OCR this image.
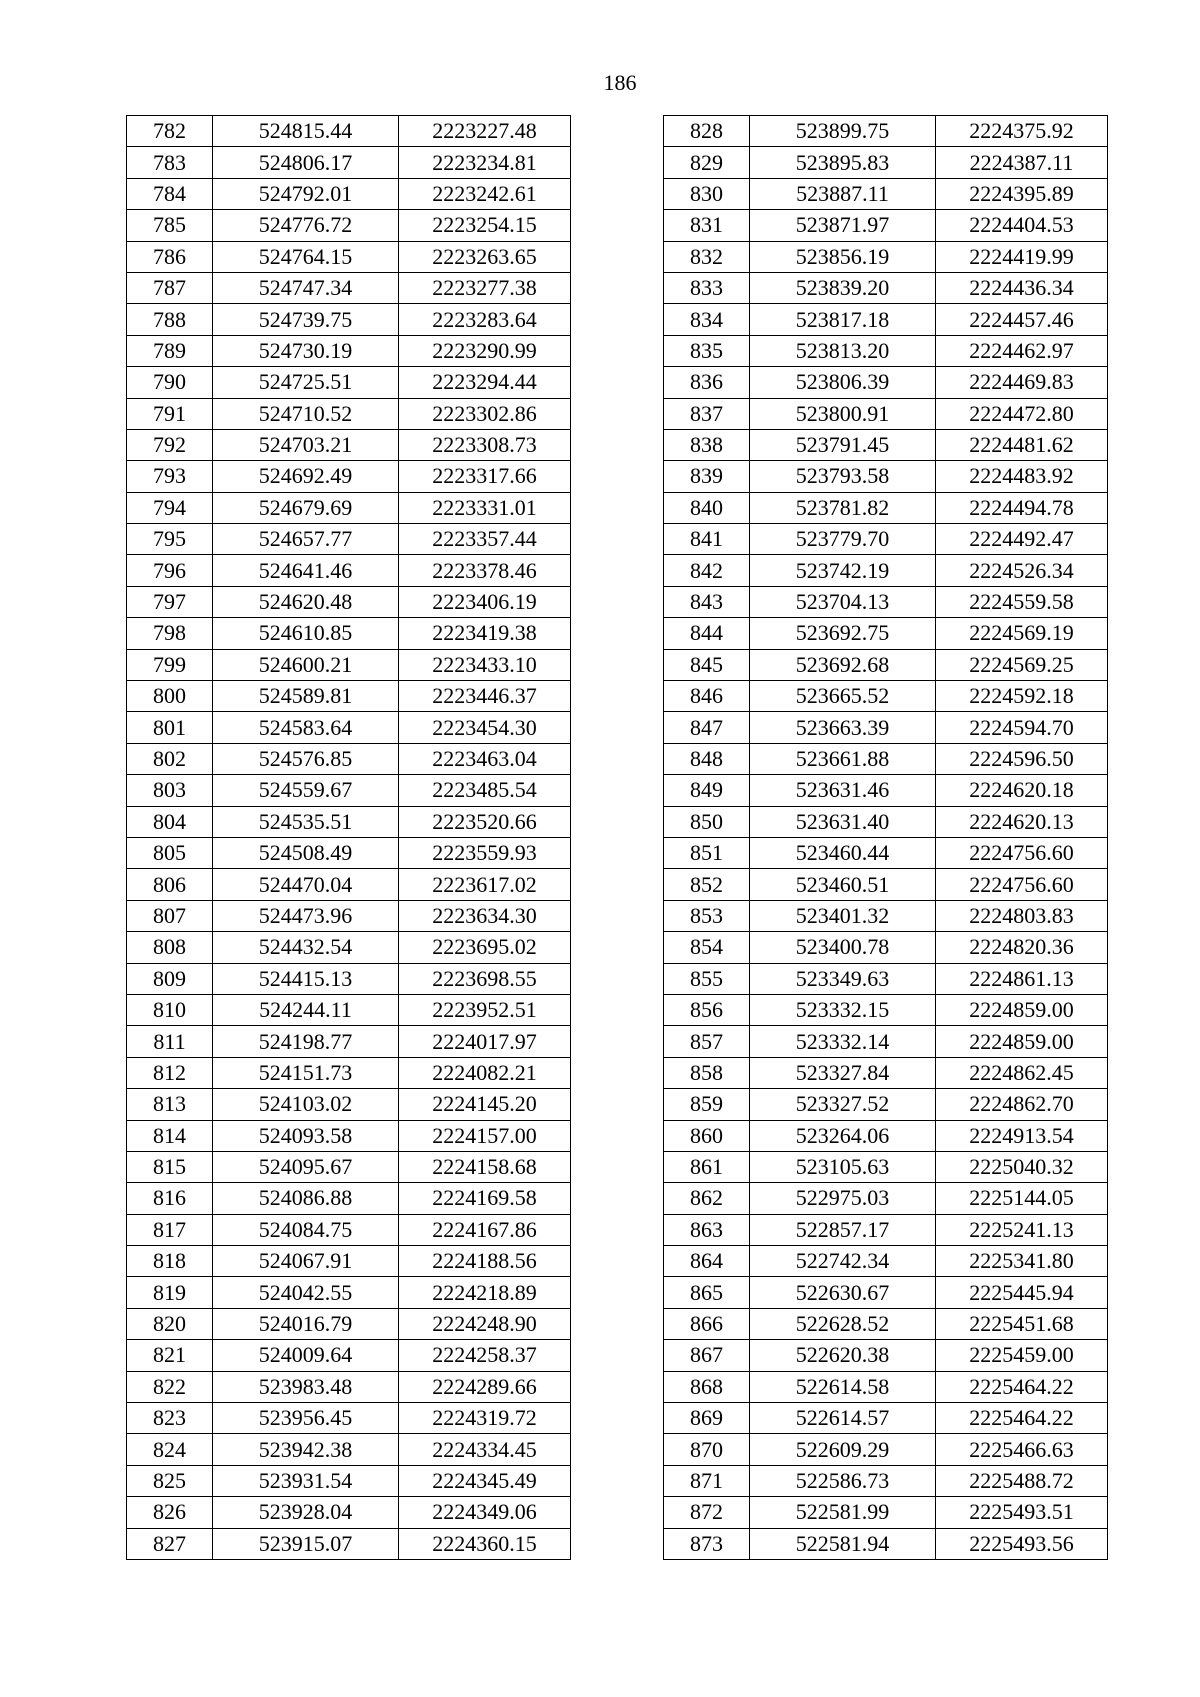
186
782	524815.44	2223227.48
783	524806.17	2223234.81
784	524792.01	2223242.61
785	524776.72	2223254.15
786	524764.15	2223263.65
787	524747.34	2223277.38
788	524739.75	2223283.64
789	524730.19	2223290.99
790	524725.51	2223294.44
791	524710.52	2223302.86
792	524703.21	2223308.73
793	524692.49	2223317.66
794	524679.69	2223331.01
795	524657.77	2223357.44
796	524641.46	2223378.46
797	524620.48	2223406.19
798	524610.85	2223419.38
799	524600.21	2223433.10
800	524589.81	2223446.37
801	524583.64	2223454.30
802	524576.85	2223463.04
803	524559.67	2223485.54
804	524535.51	2223520.66
805	524508.49	2223559.93
806	524470.04	2223617.02
807	524473.96	2223634.30
808	524432.54	2223695.02
809	524415.13	2223698.55
810	524244.11	2223952.51
811	524198.77	2224017.97
812	524151.73	2224082.21
813	524103.02	2224145.20
814	524093.58	2224157.00
815	524095.67	2224158.68
816	524086.88	2224169.58
817	524084.75	2224167.86
818	524067.91	2224188.56
819	524042.55	2224218.89
820	524016.79	2224248.90
821	524009.64	2224258.37
822	523983.48	2224289.66
823	523956.45	2224319.72
824	523942.38	2224334.45
825	523931.54	2224345.49
826	523928.04	2224349.06
827	523915.07	2224360.15
828	523899.75	2224375.92
829	523895.83	2224387.11
830	523887.11	2224395.89
831	523871.97	2224404.53
832	523856.19	2224419.99
833	523839.20	2224436.34
834	523817.18	2224457.46
835	523813.20	2224462.97
836	523806.39	2224469.83
837	523800.91	2224472.80
838	523791.45	2224481.62
839	523793.58	2224483.92
840	523781.82	2224494.78
841	523779.70	2224492.47
842	523742.19	2224526.34
843	523704.13	2224559.58
844	523692.75	2224569.19
845	523692.68	2224569.25
846	523665.52	2224592.18
847	523663.39	2224594.70
848	523661.88	2224596.50
849	523631.46	2224620.18
850	523631.40	2224620.13
851	523460.44	2224756.60
852	523460.51	2224756.60
853	523401.32	2224803.83
854	523400.78	2224820.36
855	523349.63	2224861.13
856	523332.15	2224859.00
857	523332.14	2224859.00
858	523327.84	2224862.45
859	523327.52	2224862.70
860	523264.06	2224913.54
861	523105.63	2225040.32
862	522975.03	2225144.05
863	522857.17	2225241.13
864	522742.34	2225341.80
865	522630.67	2225445.94
866	522628.52	2225451.68
867	522620.38	2225459.00
868	522614.58	2225464.22
869	522614.57	2225464.22
870	522609.29	2225466.63
871	522586.73	2225488.72
872	522581.99	2225493.51
873	522581.94	2225493.56
